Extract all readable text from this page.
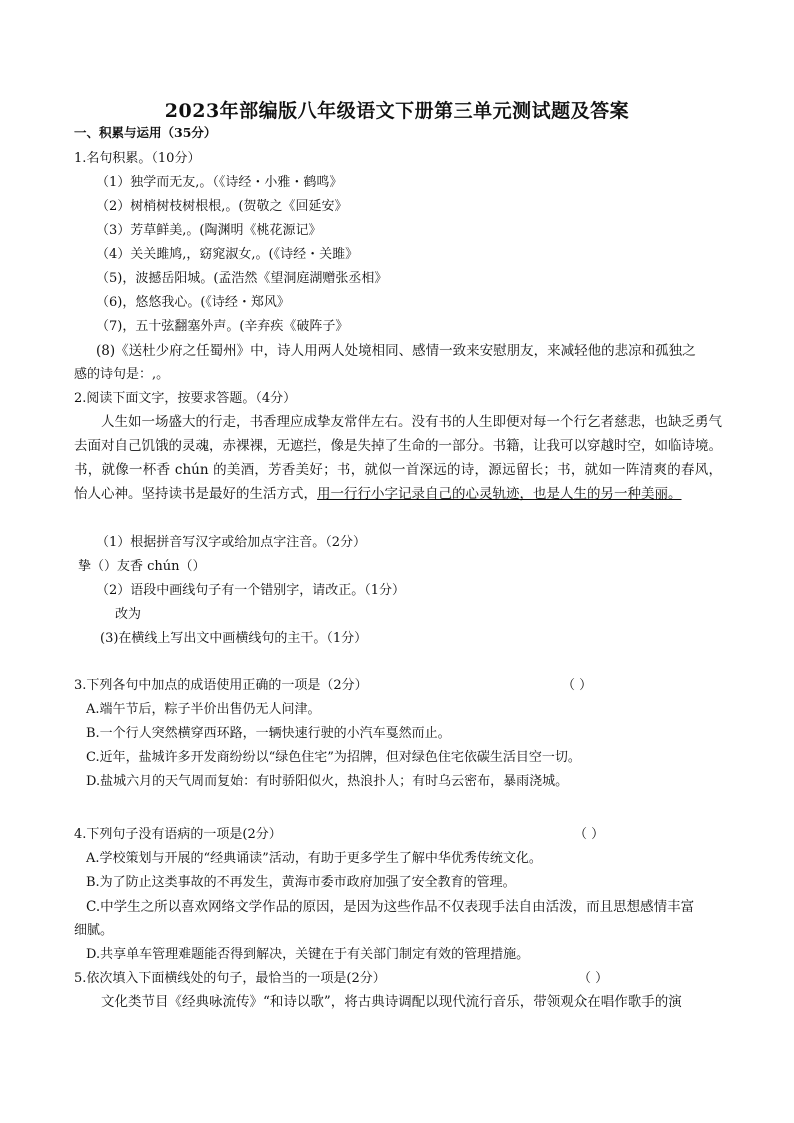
2023年部编版八年级语文下册第三单元测试题及答案
一、积累与运用（35分）
1.名句积累。（10分）
（1）独学而无友,。（《诗经・小雅・鹤鸣》
（2）树梢树枝树根根,。(贺敬之《回延安》
（3）芳草鲜美,。(陶渊明《桃花源记》
（4）关关雎鸠,，窈窕淑女,。(《诗经・关雎》
（5)，波撼岳阳城。(孟浩然《望洞庭湖赠张丞相》
（6)，悠悠我心。(《诗经・郑风》
（7)，五十弦翻塞外声。(辛弃疾《破阵子》
(8)《送杜少府之任蜀州》中，诗人用两人处境相同、感情一致来安慰朋友，来减轻他的悲凉和孤独之
感的诗句是：,。
2.阅读下面文字，按要求答题。（4分）
人生如一场盛大的行走，书香理应成挚友常伴左右。没有书的人生即便对每一个行乞者慈悲，也缺乏勇气去面对自己饥饿的灵魂，赤裸裸，无遮拦，像是失掉了生命的一部分。书籍，让我可以穿越时空，如临诗境。书，就像一杯香 chún 的美酒，芳香美好；书，就似一首深远的诗，源远留长；书，就如一阵清爽的春风，怡人心神。坚持读书是最好的生活方式，用一行行小字记录自己的心灵轨迹，也是人生的另一种美丽。
（1）根据拼音写汉字或给加点字注音。（2分）
挚（）友香 chún（）
（2）语段中画线句子有一个错别字，请改正。（1分）
改为
(3)在横线上写出文中画横线句的主干。（1分）
3.下列各句中加点的成语使用正确的一项是（2分）	（ ）
A.端午节后，粽子半价出售仍无人问津。
B.一个行人突然横穿西环路，一辆快速行驶的小汽车戛然而止。
C.近年，盐城许多开发商纷纷以“绿色住宅”为招牌，但对绿色住宅依碳生活目空一切。
D.盐城六月的天气周而复始：有时骄阳似火，热浪扑人；有时乌云密布，暴雨浇城。
4.下列句子没有语病的一项是(2分）	（ ）
A.学校策划与开展的“经典诵读”活动，有助于更多学生了解中华优秀传统文化。
B.为了防止这类事故的不再发生，黄海市委市政府加强了安全教育的管理。
C.中学生之所以喜欢网络文学作品的原因，是因为这些作品不仅表现手法自由活泼，而且思想感情丰富
细腻。
D.共享单车管理难题能否得到解决，关键在于有关部门制定有效的管理措施。
5.依次填入下面横线处的句子，最恰当的一项是(2分）	（ ）
文化类节目《经典咏流传》“和诗以歌”，将古典诗调配以现代流行音乐，带领观众在唱作歌手的演
